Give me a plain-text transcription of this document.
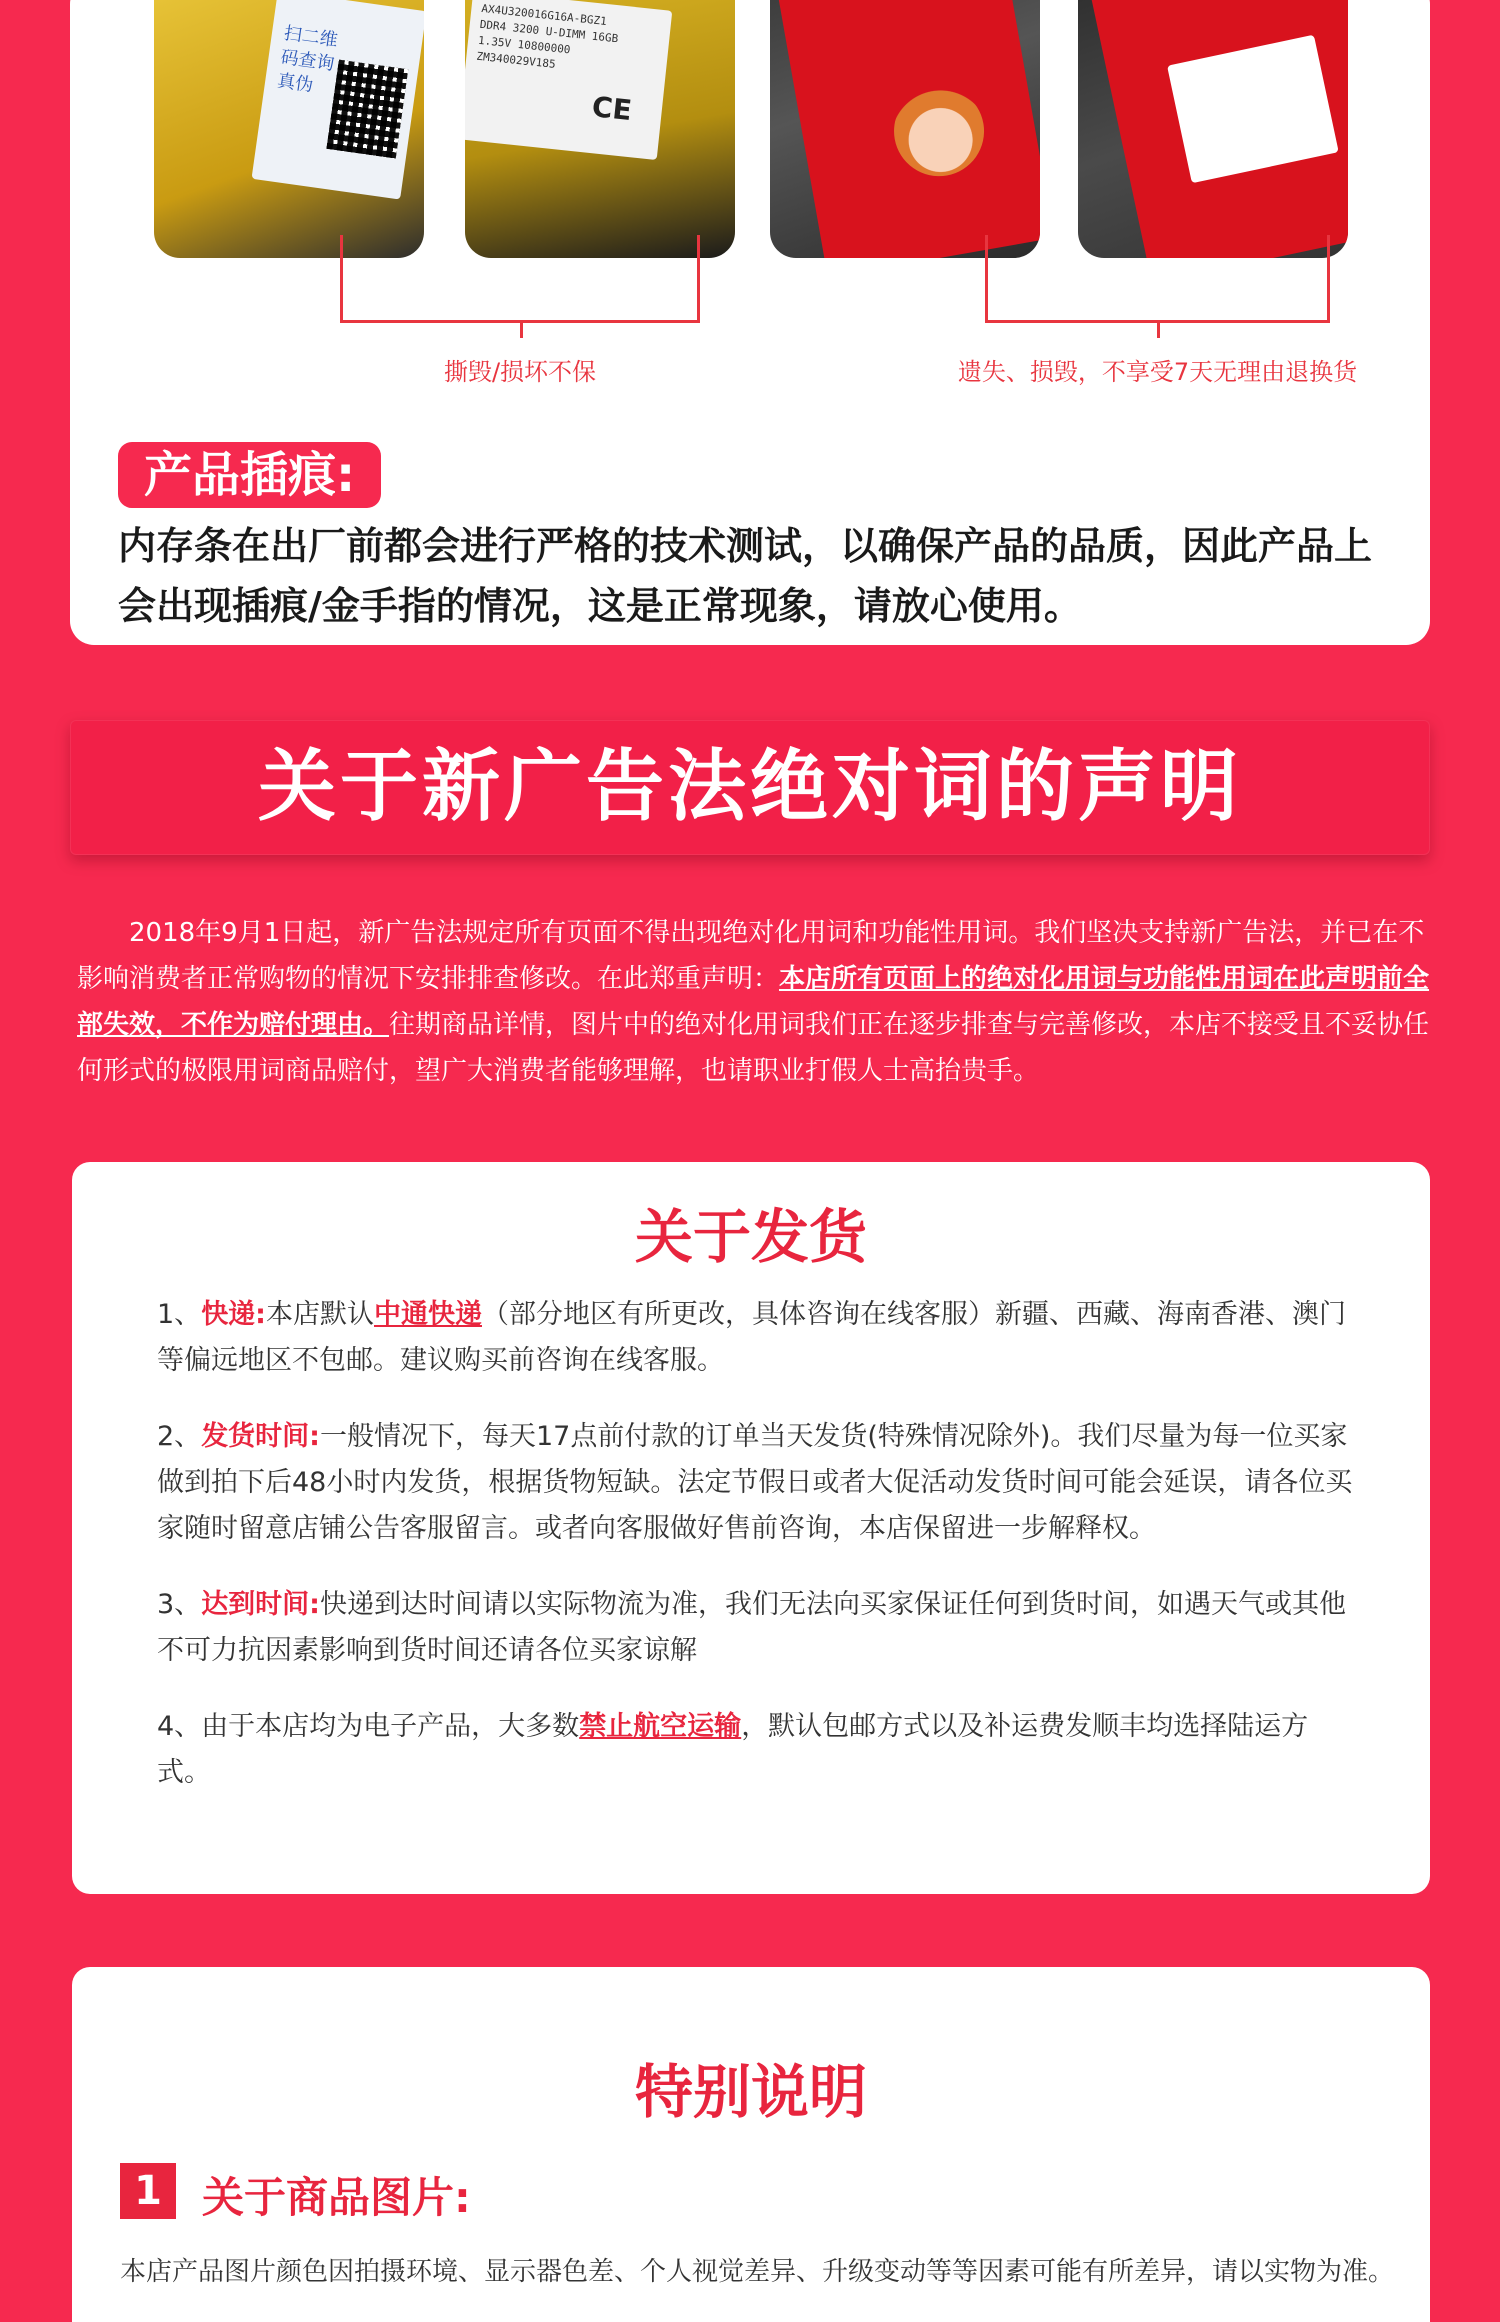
扫二维码查询真伪
AX4U320016G16A-BGZ1
DDR4 3200 U-DIMM 16GB
1.35V 10800000
ZM340029V185
CE
撕毁/损坏不保	遗失、损毁，不享受7天无理由退换货
产品插痕:
内存条在出厂前都会进行严格的技术测试，以确保产品的品质，因此产品上会出现插痕/金手指的情况，这是正常现象，请放心使用。
关于新广告法绝对词的声明
2018年9月1日起，新广告法规定所有页面不得出现绝对化用词和功能性用词。我们坚决支持新广告法，并已在不影响消费者正常购物的情况下安排排查修改。在此郑重声明：本店所有页面上的绝对化用词与功能性用词在此声明前全部失效，不作为赔付理由。往期商品详情，图片中的绝对化用词我们正在逐步排查与完善修改，本店不接受且不妥协任何形式的极限用词商品赔付，望广大消费者能够理解，也请职业打假人士高抬贵手。
关于发货
1、快递:本店默认中通快递（部分地区有所更改，具体咨询在线客服）新疆、西藏、海南香港、澳门等偏远地区不包邮。建议购买前咨询在线客服。
2、发货时间:一般情况下，每天17点前付款的订单当天发货(特殊情况除外)。我们尽量为每一位买家做到拍下后48小时内发货，根据货物短缺。法定节假日或者大促活动发货时间可能会延误，请各位买家随时留意店铺公告客服留言。或者向客服做好售前咨询，本店保留进一步解释权。
3、达到时间:快递到达时间请以实际物流为准，我们无法向买家保证任何到货时间，如遇天气或其他不可力抗因素影响到货时间还请各位买家谅解
4、由于本店均为电子产品，大多数禁止航空运输，默认包邮方式以及补运费发顺丰均选择陆运方式。
特别说明
1 关于商品图片:
本店产品图片颜色因拍摄环境、显示器色差、个人视觉差异、升级变动等等因素可能有所差异，请以实物为准。
